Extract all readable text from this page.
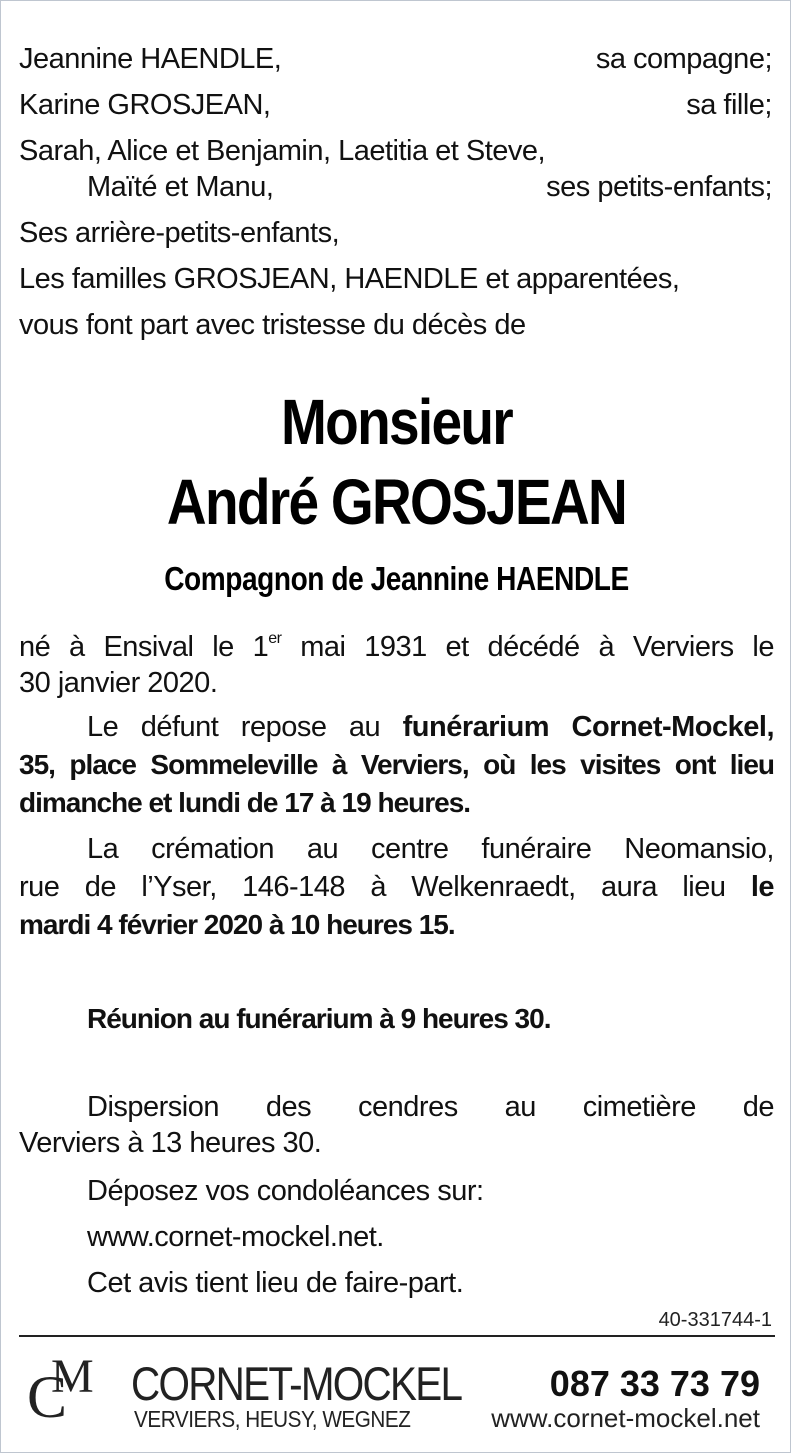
Jeannine HAENDLE,	sa compagne;
Karine GROSJEAN,	sa fille;
Sarah, Alice et Benjamin, Laetitia et Steve,
Maïté et Manu,	ses petits-enfants;
Ses arrière-petits-enfants,
Les familles GROSJEAN, HAENDLE et apparentées,
vous font part avec tristesse du décès de
Monsieur
André GROSJEAN
Compagnon de Jeannine HAENDLE
né à Ensival le 1er mai 1931 et décédé à Verviers le
30 janvier 2020.
Le défunt repose au funérarium Cornet-Mockel,
35, place Sommeleville à Verviers, où les visites ont lieu
dimanche et lundi de 17 à 19 heures.
La crémation au centre funéraire Neomansio,
rue de l’Yser, 146-148 à Welkenraedt, aura lieu le
mardi 4 février 2020 à 10 heures 15.
Réunion au funérarium à 9 heures 30.
Dispersion des cendres au cimetière de
Verviers à 13 heures 30.
Déposez vos condoléances sur:
www.cornet-mockel.net.
Cet avis tient lieu de faire-part.
40-331744-1
C
M CORNET-MOCKEL 087 33 73 79
VERVIERS, HEUSY, WEGNEZ	www.cornet-mockel.net
